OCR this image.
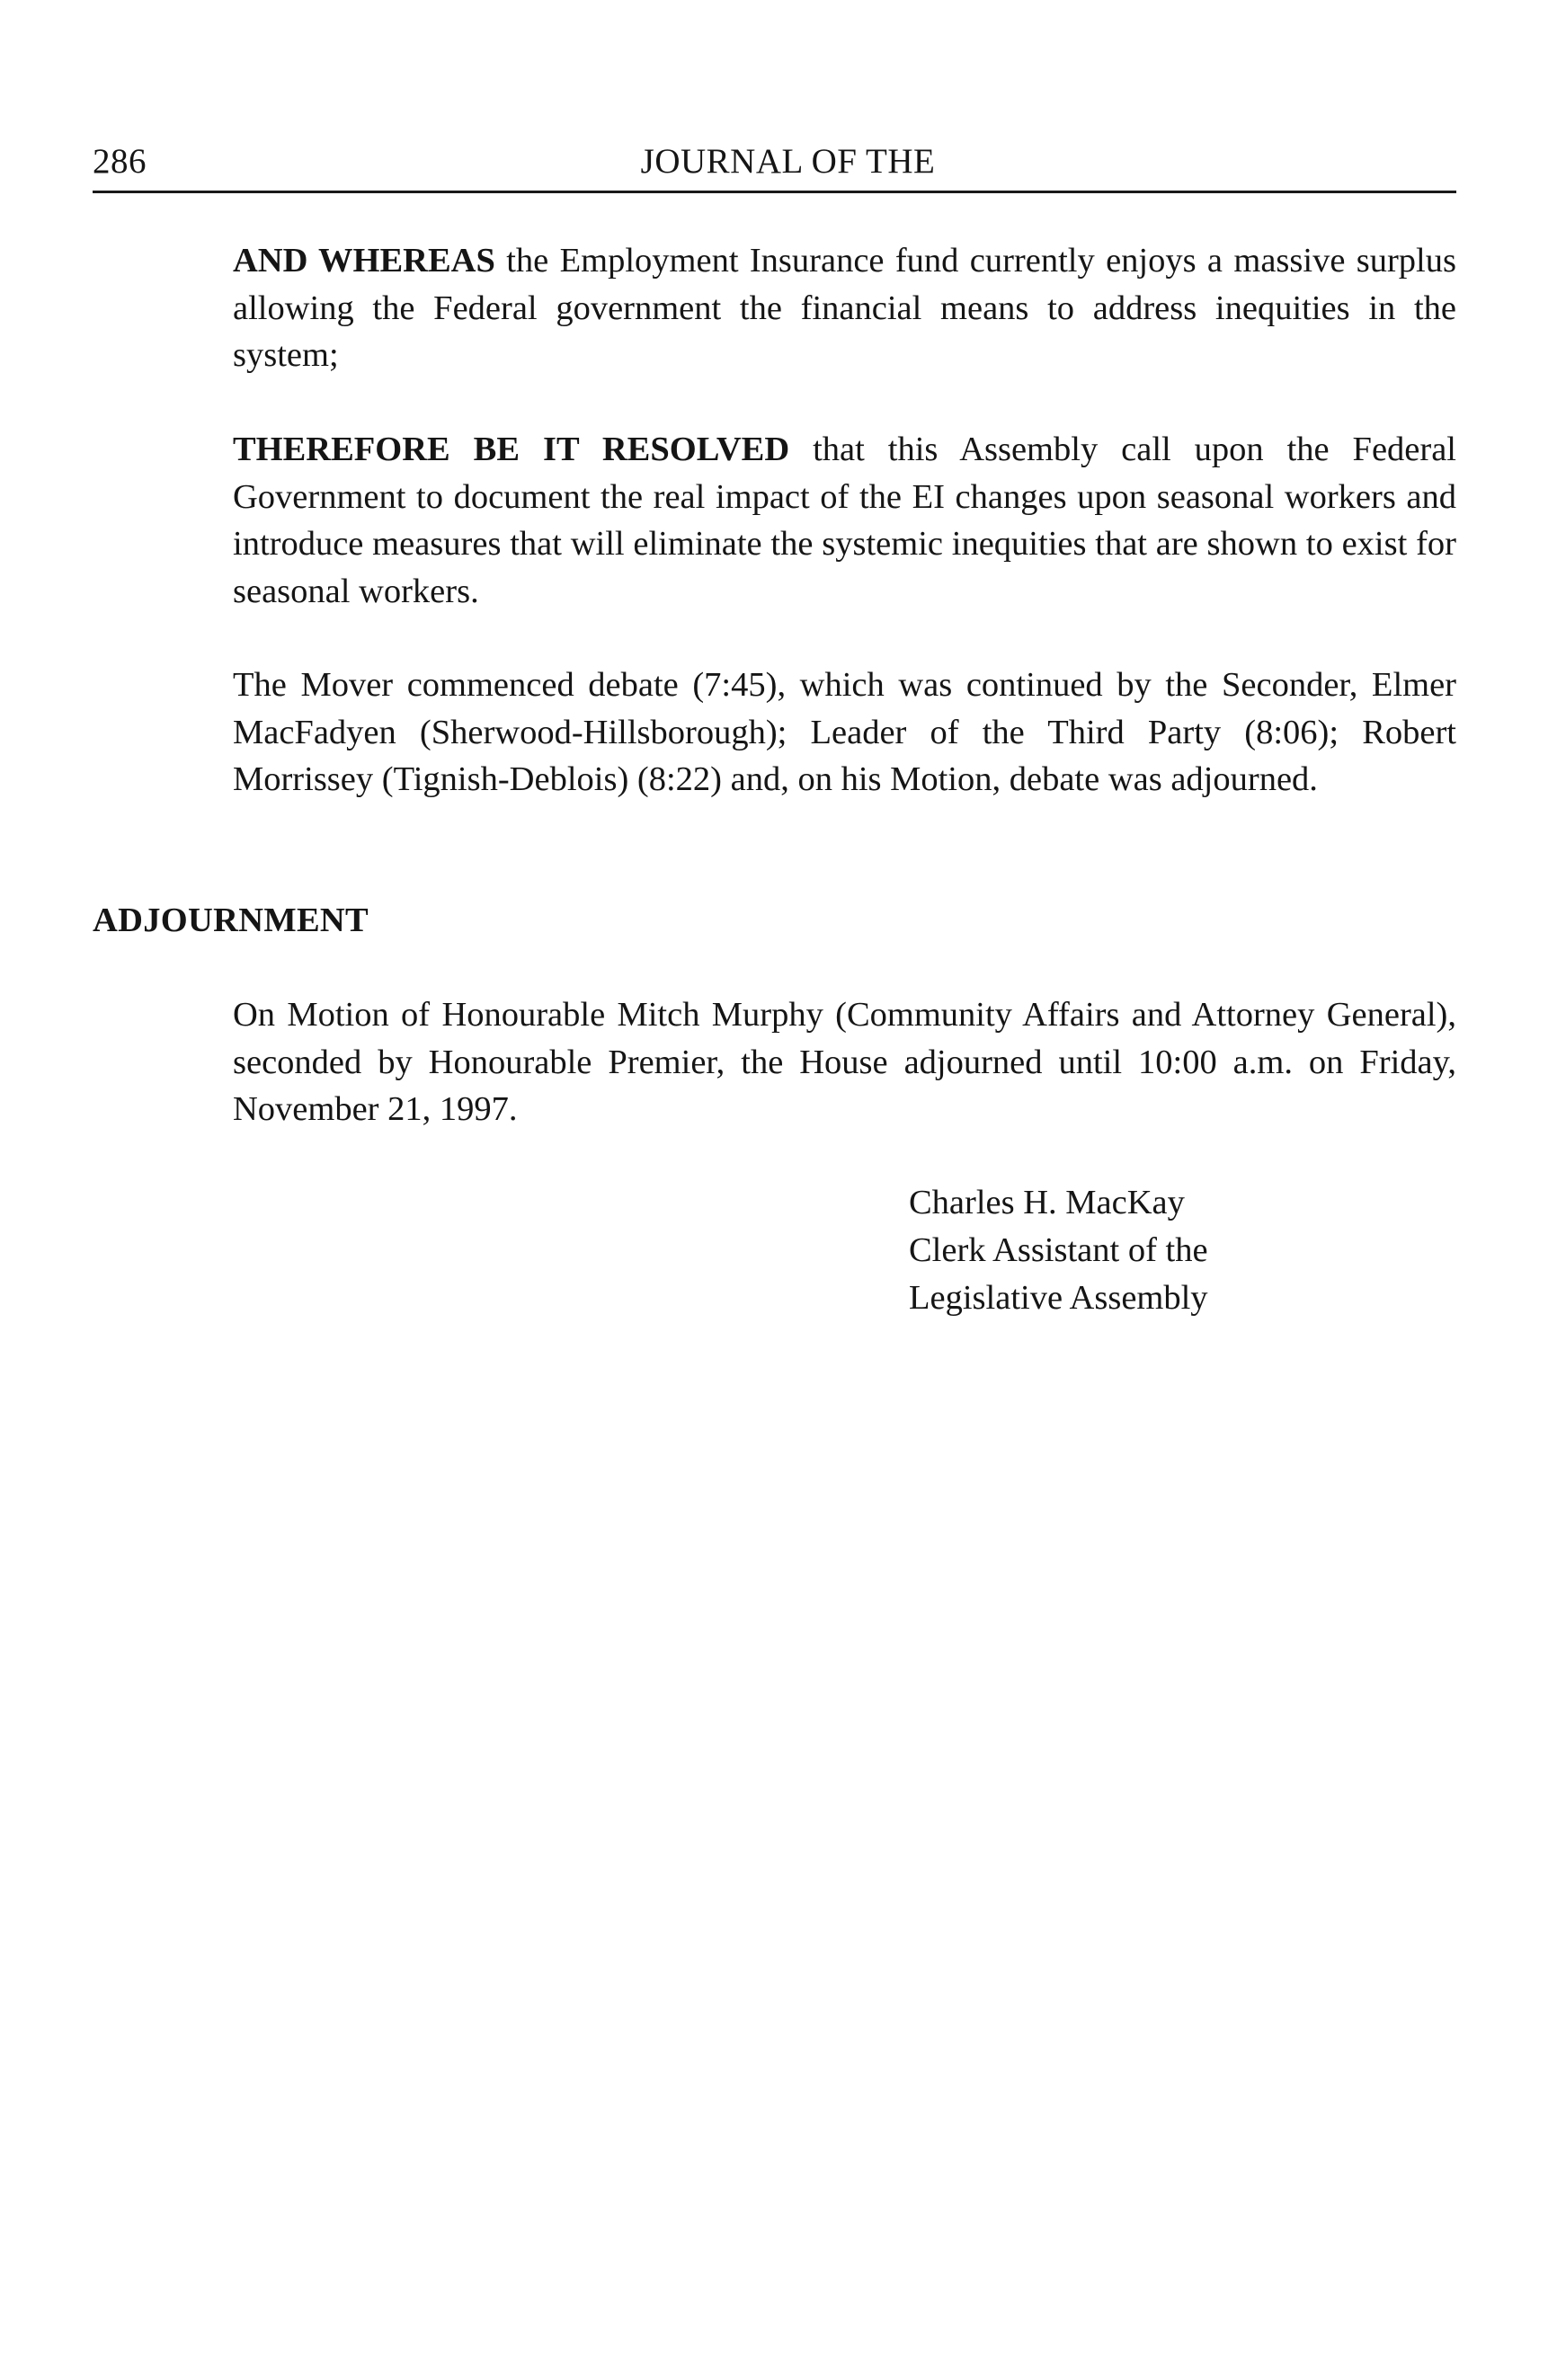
286	JOURNAL OF THE

AND WHEREAS the Employment Insurance fund currently enjoys a massive surplus allowing the Federal government the financial means to address inequities in the system;

THEREFORE BE IT RESOLVED that this Assembly call upon the Federal Government to document the real impact of the EI changes upon seasonal workers and introduce measures that will eliminate the systemic inequities that are shown to exist for seasonal workers.

The Mover commenced debate (7:45), which was continued by the Seconder, Elmer MacFadyen (Sherwood-Hillsborough); Leader of the Third Party (8:06); Robert Morrissey (Tignish-Deblois) (8:22) and, on his Motion, debate was adjourned.

ADJOURNMENT

On Motion of Honourable Mitch Murphy (Community Affairs and Attorney General), seconded by Honourable Premier, the House adjourned until 10:00 a.m. on Friday, November 21, 1997.

Charles H. MacKay
Clerk Assistant of the
Legislative Assembly
